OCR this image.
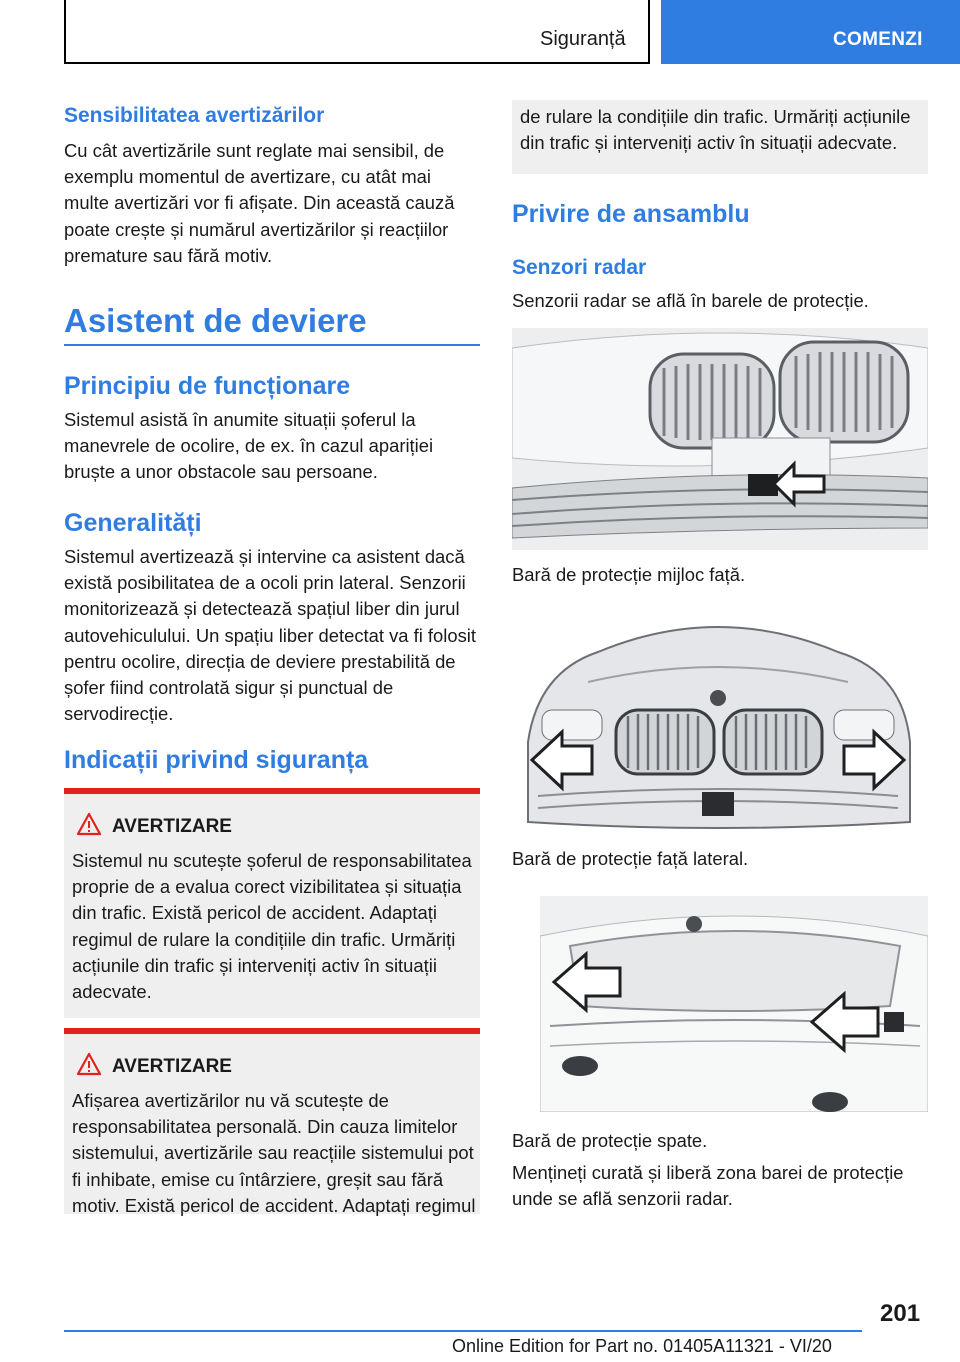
Siguranță	COMENZI
Sensibilitatea avertizărilor

Cu cât avertizările sunt reglate mai sensibil, de exemplu momentul de avertizare, cu atât mai multe avertizări vor fi afișate. Din această cauză poate crește și numărul avertizărilor și reacțiilor premature sau fără motiv.

Asistent de deviere
Principiu de funcționare

Sistemul asistă în anumite situații șoferul la manevrele de ocolire, de ex. în cazul apariției bruște a unor obstacole sau persoane.

Generalități

Sistemul avertizează și intervine ca asistent dacă există posibilitatea de a ocoli prin lateral. Senzorii monitorizează și detectează spațiul liber din jurul autovehiculului. Un spațiu liber detectat va fi folosit pentru ocolire, direcția de deviere prestabilită de șofer fiind controlată sigur și punctual de servodirecție.

Indicații privind siguranța
AVERTIZARE

Sistemul nu scutește șoferul de responsabilitatea proprie de a evalua corect vizibilitatea și situația din trafic. Există pericol de accident. Adaptați regimul de rulare la condițiile din trafic. Urmăriți acțiunile din trafic și interveniți activ în situații adecvate.

AVERTIZARE

Afișarea avertizărilor nu vă scutește de responsabilitatea personală. Din cauza limitelor sistemului, avertizările sau reacțiile sistemului pot fi inhibate, emise cu întârziere, greșit sau fără motiv. Există pericol de accident. Adaptați regimul

de rulare la condițiile din trafic. Urmăriți acțiunile din trafic și interveniți activ în situații adecvate.

Privire de ansamblu
Senzori radar

Senzorii radar se află în barele de protecție.

Bară de protecție mijloc față.

Bară de protecție față lateral.

Bară de protecție spate.

Mențineți curată și liberă zona barei de protecție unde se află senzorii radar.

201
Online Edition for Part no. 01405A11321 - VI/20
